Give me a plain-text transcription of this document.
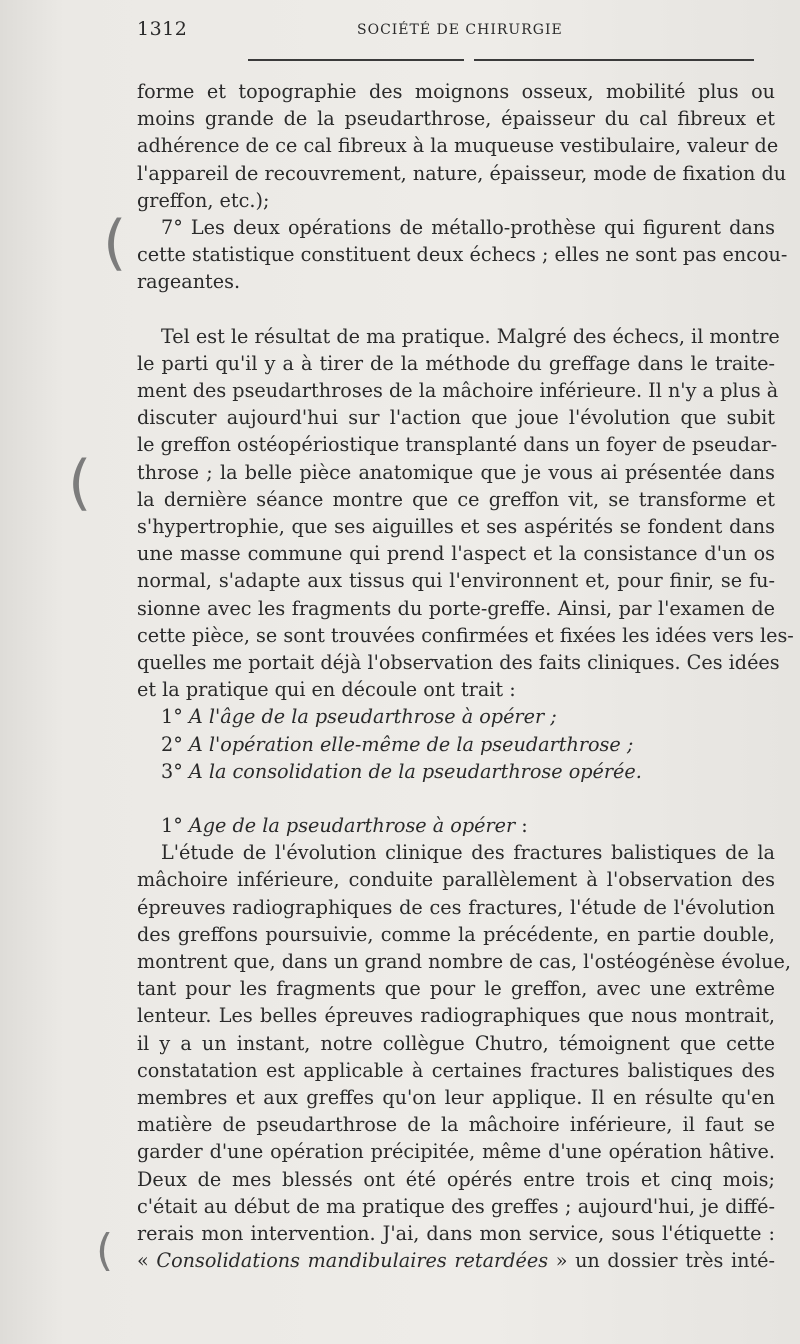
1312	SOCIÉTÉ DE CHIRURGIE
(
(
(
forme et topographie des moignons osseux, mobilité plus ou
moins grande de la pseudarthrose, épaisseur du cal fibreux et
adhérence de ce cal fibreux à la muqueuse vestibulaire, valeur de
l'appareil de recouvrement, nature, épaisseur, mode de fixation du
greffon, etc.);
7° Les deux opérations de métallo-prothèse qui figurent dans
cette statistique constituent deux échecs ; elles ne sont pas encou-
rageantes.
Tel est le résultat de ma pratique. Malgré des échecs, il montre
le parti qu'il y a à tirer de la méthode du greffage dans le traite-
ment des pseudarthroses de la mâchoire inférieure. Il n'y a plus à
discuter aujourd'hui sur l'action que joue l'évolution que subit
le greffon ostéopériostique transplanté dans un foyer de pseudar-
throse ; la belle pièce anatomique que je vous ai présentée dans
la dernière séance montre que ce greffon vit, se transforme et
s'hypertrophie, que ses aiguilles et ses aspérités se fondent dans
une masse commune qui prend l'aspect et la consistance d'un os
normal, s'adapte aux tissus qui l'environnent et, pour finir, se fu-
sionne avec les fragments du porte-greffe. Ainsi, par l'examen de
cette pièce, se sont trouvées confirmées et fixées les idées vers les-
quelles me portait déjà l'observation des faits cliniques. Ces idées
et la pratique qui en découle ont trait :
1° A l'âge de la pseudarthrose à opérer ;
2° A l'opération elle-même de la pseudarthrose ;
3° A la consolidation de la pseudarthrose opérée.
1° Age de la pseudarthrose à opérer :
L'étude de l'évolution clinique des fractures balistiques de la
mâchoire inférieure, conduite parallèlement à l'observation des
épreuves radiographiques de ces fractures, l'étude de l'évolution
des greffons poursuivie, comme la précédente, en partie double,
montrent que, dans un grand nombre de cas, l'ostéogénèse évolue,
tant pour les fragments que pour le greffon, avec une extrême
lenteur. Les belles épreuves radiographiques que nous montrait,
il y a un instant, notre collègue Chutro, témoignent que cette
constatation est applicable à certaines fractures balistiques des
membres et aux greffes qu'on leur applique. Il en résulte qu'en
matière de pseudarthrose de la mâchoire inférieure, il faut se
garder d'une opération précipitée, même d'une opération hâtive.
Deux de mes blessés ont été opérés entre trois et cinq mois;
c'était au début de ma pratique des greffes ; aujourd'hui, je diffé-
rerais mon intervention. J'ai, dans mon service, sous l'étiquette :
« Consolidations mandibulaires retardées » un dossier très inté-
